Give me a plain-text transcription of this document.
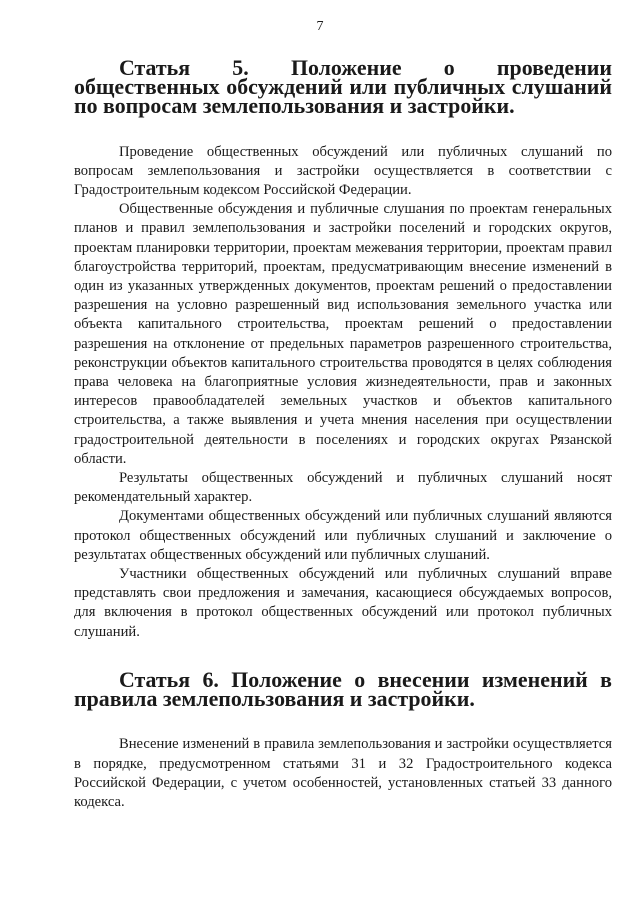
7
Статья 5. Положение о проведении общественных обсуждений или публичных слушаний по вопросам землепользования и застройки.

Проведение общественных обсуждений или публичных слушаний по вопросам землепользования и застройки осуществляется в соответствии с Градостроительным кодексом Российской Федерации.

Общественные обсуждения и публичные слушания по проектам генеральных планов и правил землепользования и застройки поселений и городских округов, проектам планировки территории, проектам межевания территории, проектам правил благоустройства территорий, проектам, предусматривающим внесение изменений в один из указанных утвержденных документов, проектам решений о предоставлении разрешения на условно разрешенный вид использования земельного участка или объекта капитального строительства, проектам решений о предоставлении разрешения на отклонение от предельных параметров разрешенного строительства, реконструкции объектов капитального строительства проводятся в целях соблюдения права человека на благоприятные условия жизнедеятельности, прав и законных интересов правообладателей земельных участков и объектов капитального строительства, а также выявления и учета мнения населения при осуществлении градостроительной деятельности в поселениях и городских округах Рязанской области.

Результаты общественных обсуждений и публичных слушаний носят рекомендательный характер.

Документами общественных обсуждений или публичных слушаний являются протокол общественных обсуждений или публичных слушаний и заключение о результатах общественных обсуждений или публичных слушаний.

Участники общественных обсуждений или публичных слушаний вправе представлять свои предложения и замечания, касающиеся обсуждаемых вопросов, для включения в протокол общественных обсуждений или протокол публичных слушаний.

Статья 6. Положение о внесении изменений в правила землепользования и застройки.

Внесение изменений в правила землепользования и застройки осуществляется в порядке, предусмотренном статьями 31 и 32 Градостроительного кодекса Российской Федерации, с учетом особенностей, установленных статьей 33 данного кодекса.
